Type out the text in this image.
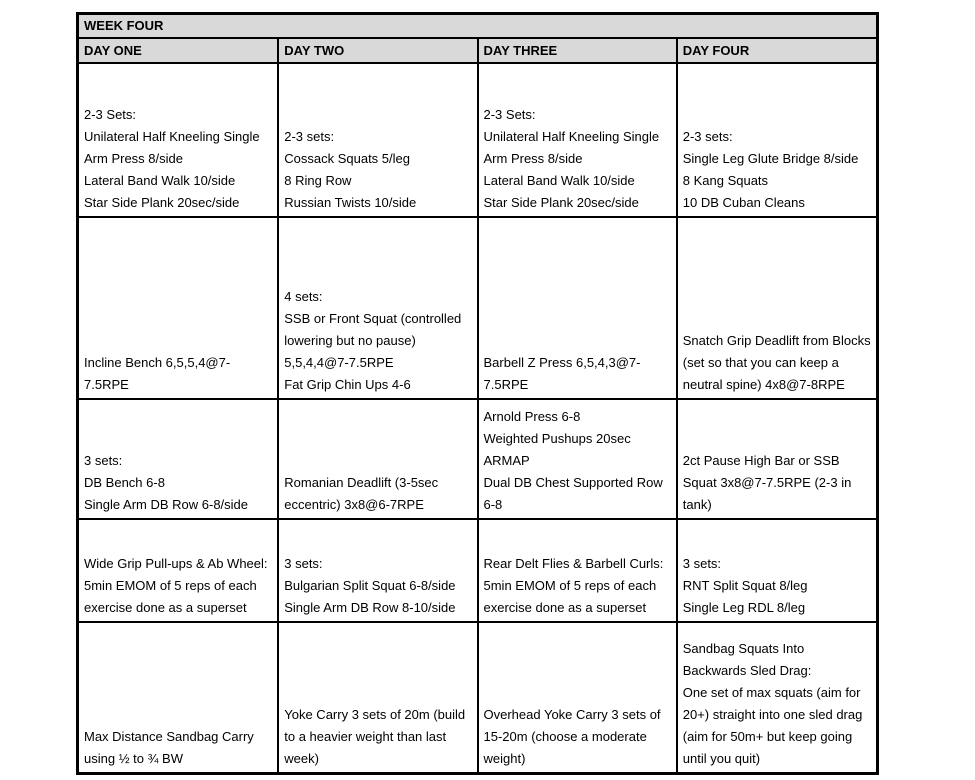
WEEK FOUR
DAY ONE	DAY TWO	DAY THREE	DAY FOUR

2-3 Sets:
Unilateral Half Kneeling Single Arm Press 8/side
Lateral Band Walk 10/side
Star Side Plank 20sec/side	2-3 sets:
Cossack Squats 5/leg
8 Ring Row
Russian Twists 10/side	2-3 Sets:
Unilateral Half Kneeling Single Arm Press 8/side
Lateral Band Walk 10/side
Star Side Plank 20sec/side	2-3 sets:
Single Leg Glute Bridge 8/side
8 Kang Squats
10 DB Cuban Cleans

Incline Bench 6,5,5,4@7-7.5RPE	4 sets:
SSB or Front Squat (controlled lowering but no pause) 5,5,4,4@7-7.5RPE
Fat Grip Chin Ups 4-6	Barbell Z Press 6,5,4,3@7-7.5RPE	Snatch Grip Deadlift from Blocks (set so that you can keep a neutral spine) 4x8@7-8RPE

3 sets:
DB Bench 6-8
Single Arm DB Row 6-8/side	Romanian Deadlift (3-5sec eccentric) 3x8@6-7RPE	Arnold Press 6-8
Weighted Pushups 20sec ARMAP
Dual DB Chest Supported Row 6-8	2ct Pause High Bar or SSB Squat 3x8@7-7.5RPE (2-3 in tank)

Wide Grip Pull-ups & Ab Wheel:
5min EMOM of 5 reps of each exercise done as a superset	3 sets:
Bulgarian Split Squat 6-8/side
Single Arm DB Row 8-10/side	Rear Delt Flies & Barbell Curls:
5min EMOM of 5 reps of each exercise done as a superset	3 sets:
RNT Split Squat 8/leg
Single Leg RDL 8/leg

Max Distance Sandbag Carry using ½ to ¾ BW	Yoke Carry 3 sets of 20m (build to a heavier weight than last week)	Overhead Yoke Carry 3 sets of 15-20m (choose a moderate weight)	Sandbag Squats Into Backwards Sled Drag:
One set of max squats (aim for 20+) straight into one sled drag (aim for 50m+ but keep going until you quit)
